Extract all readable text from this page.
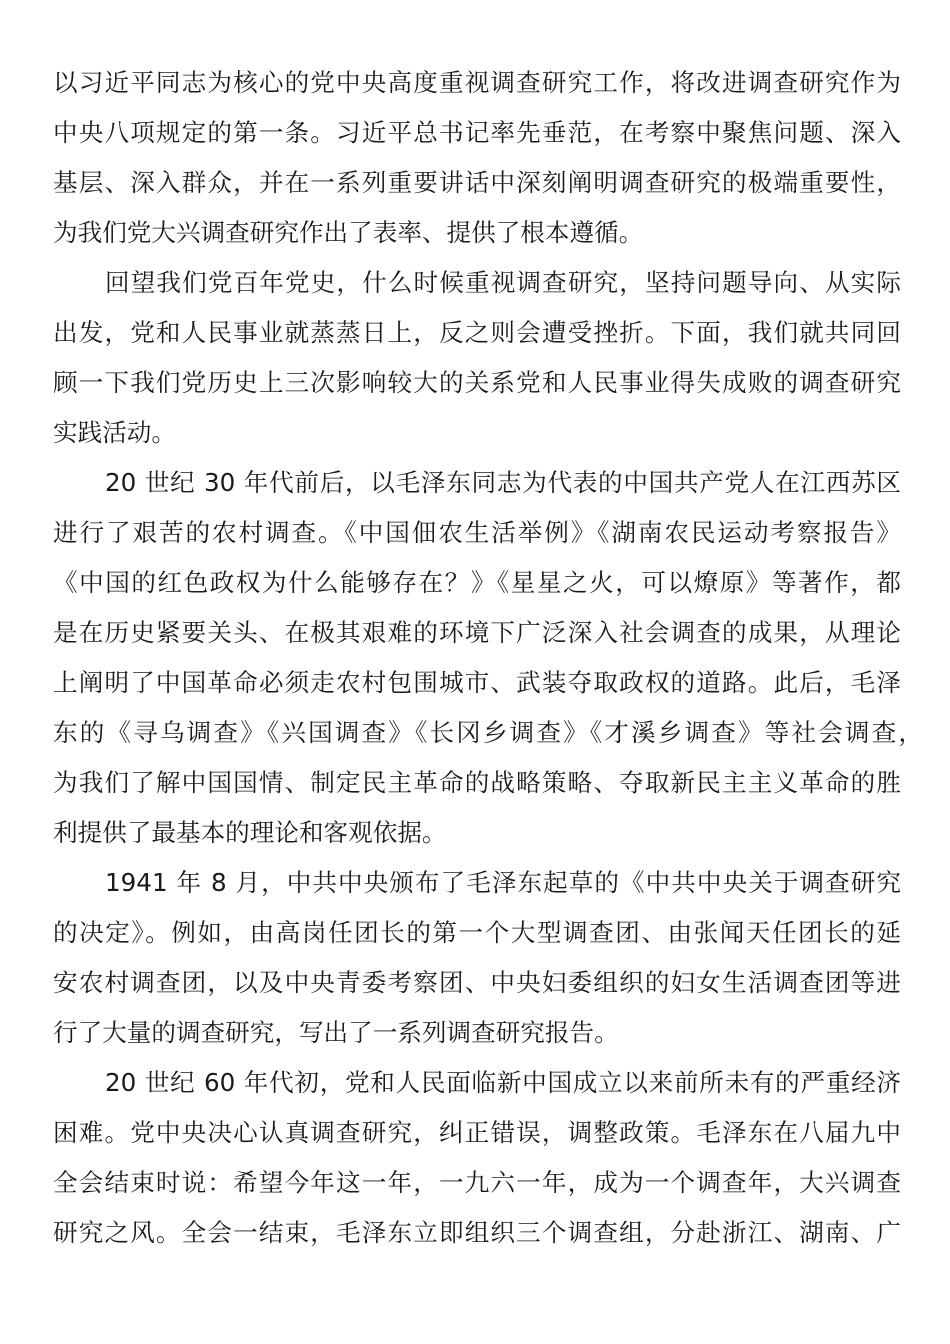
以习近平同志为核心的党中央高度重视调查研究工作，将改进调查研究作为
中央八项规定的第一条。习近平总书记率先垂范，在考察中聚焦问题、深入
基层、深入群众，并在一系列重要讲话中深刻阐明调查研究的极端重要性，
为我们党大兴调查研究作出了表率、提供了根本遵循。
回望我们党百年党史，什么时候重视调查研究，坚持问题导向、从实际
出发，党和人民事业就蒸蒸日上，反之则会遭受挫折。下面，我们就共同回
顾一下我们党历史上三次影响较大的关系党和人民事业得失成败的调查研究
实践活动。
20 世纪 30 年代前后，以毛泽东同志为代表的中国共产党人在江西苏区
进行了艰苦的农村调查。《中国佃农生活举例》《湖南农民运动考察报告》
《中国的红色政权为什么能够存在？》《星星之火，可以燎原》等著作，都
是在历史紧要关头、在极其艰难的环境下广泛深入社会调查的成果，从理论
上阐明了中国革命必须走农村包围城市、武装夺取政权的道路。此后，毛泽
东的《寻乌调查》《兴国调查》《长冈乡调查》《才溪乡调查》等社会调查，
为我们了解中国国情、制定民主革命的战略策略、夺取新民主主义革命的胜
利提供了最基本的理论和客观依据。
1941 年 8 月，中共中央颁布了毛泽东起草的《中共中央关于调查研究
的决定》。例如，由高岗任团长的第一个大型调查团、由张闻天任团长的延
安农村调查团，以及中央青委考察团、中央妇委组织的妇女生活调查团等进
行了大量的调查研究，写出了一系列调查研究报告。
20 世纪 60 年代初，党和人民面临新中国成立以来前所未有的严重经济
困难。党中央决心认真调查研究，纠正错误，调整政策。毛泽东在八届九中
全会结束时说：希望今年这一年，一九六一年，成为一个调查年，大兴调查
研究之风。全会一结束，毛泽东立即组织三个调查组，分赴浙江、湖南、广
